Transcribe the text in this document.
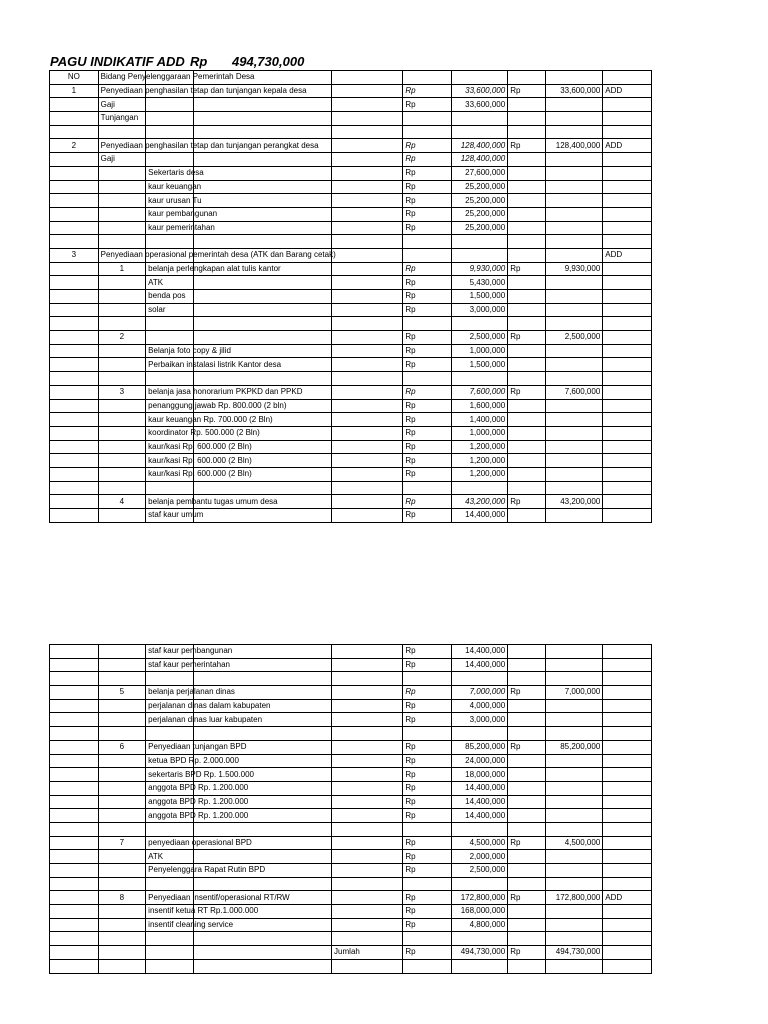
PAGU INDIKATIF ADD Rp 494,730,000
NO	Bidang Penyelenggaraan Pemerintah Desa								
1	Penyediaan penghasilan tetap dan tunjangan kepala desa				Rp	33,600,000	Rp	33,600,000	ADD
	Gaji				Rp	33,600,000			
	Tunjangan								

2	Penyediaan penghasilan tetap dan tunjangan perangkat desa				Rp	128,400,000	Rp	128,400,000	ADD
	Gaji				Rp	128,400,000			
		Sekertaris desa			Rp	27,600,000			
		kaur keuangan			Rp	25,200,000			
		kaur urusan Tu			Rp	25,200,000			
		kaur pembangunan			Rp	25,200,000			
		kaur pemerintahan			Rp	25,200,000			

3	Penyediaan operasional pemerintah desa (ATK dan Barang cetak)								ADD
	1	belanja perlengkapan alat tulis kantor			Rp	9,930,000	Rp	9,930,000	
		ATK			Rp	5,430,000			
		benda pos			Rp	1,500,000			
		solar			Rp	3,000,000			

	2				Rp	2,500,000	Rp	2,500,000	
		Belanja foto copy & jilid			Rp	1,000,000			
		Perbaikan instalasi listrik Kantor desa			Rp	1,500,000			

	3	belanja jasa honorarium PKPKD dan PPKD			Rp	7,600,000	Rp	7,600,000	
		penanggung jawab Rp. 800.000 (2 bln)			Rp	1,600,000			
		kaur keuangan Rp. 700.000 (2 Bln)			Rp	1,400,000			
		koordinator Rp. 500.000 (2 Bln)			Rp	1,000,000			
		kaur/kasi Rp. 600.000 (2 Bln)			Rp	1,200,000			
		kaur/kasi Rp. 600.000 (2 Bln)			Rp	1,200,000			
		kaur/kasi Rp. 600.000 (2 Bln)			Rp	1,200,000			

	4	belanja pembantu tugas umum desa			Rp	43,200,000	Rp	43,200,000	
		staf kaur umum			Rp	14,400,000			
		staf kaur pembangunan			Rp	14,400,000			
		staf kaur pemerintahan			Rp	14,400,000			

	5	belanja perjalanan dinas			Rp	7,000,000	Rp	7,000,000	
		perjalanan dinas dalam kabupaten			Rp	4,000,000			
		perjalanan dinas luar kabupaten			Rp	3,000,000			

	6	Penyediaan tunjangan BPD			Rp	85,200,000	Rp	85,200,000	
		ketua BPD Rp. 2.000.000			Rp	24,000,000			
		sekertaris BPD Rp. 1.500.000			Rp	18,000,000			
		anggota BPD Rp. 1.200.000			Rp	14,400,000			
		anggota BPD Rp. 1.200.000			Rp	14,400,000			
		anggota BPD Rp. 1.200.000			Rp	14,400,000			

	7	penyediaan operasional BPD			Rp	4,500,000	Rp	4,500,000	
		ATK			Rp	2,000,000			
		Penyelenggara Rapat Rutin BPD			Rp	2,500,000			

	8	Penyediaan insentif/operasional RT/RW			Rp	172,800,000	Rp	172,800,000	ADD
		insentif ketua RT Rp.1.000.000			Rp	168,000,000			
		insentif cleaning service			Rp	4,800,000			

				Jumlah	Rp	494,730,000	Rp	494,730,000	
